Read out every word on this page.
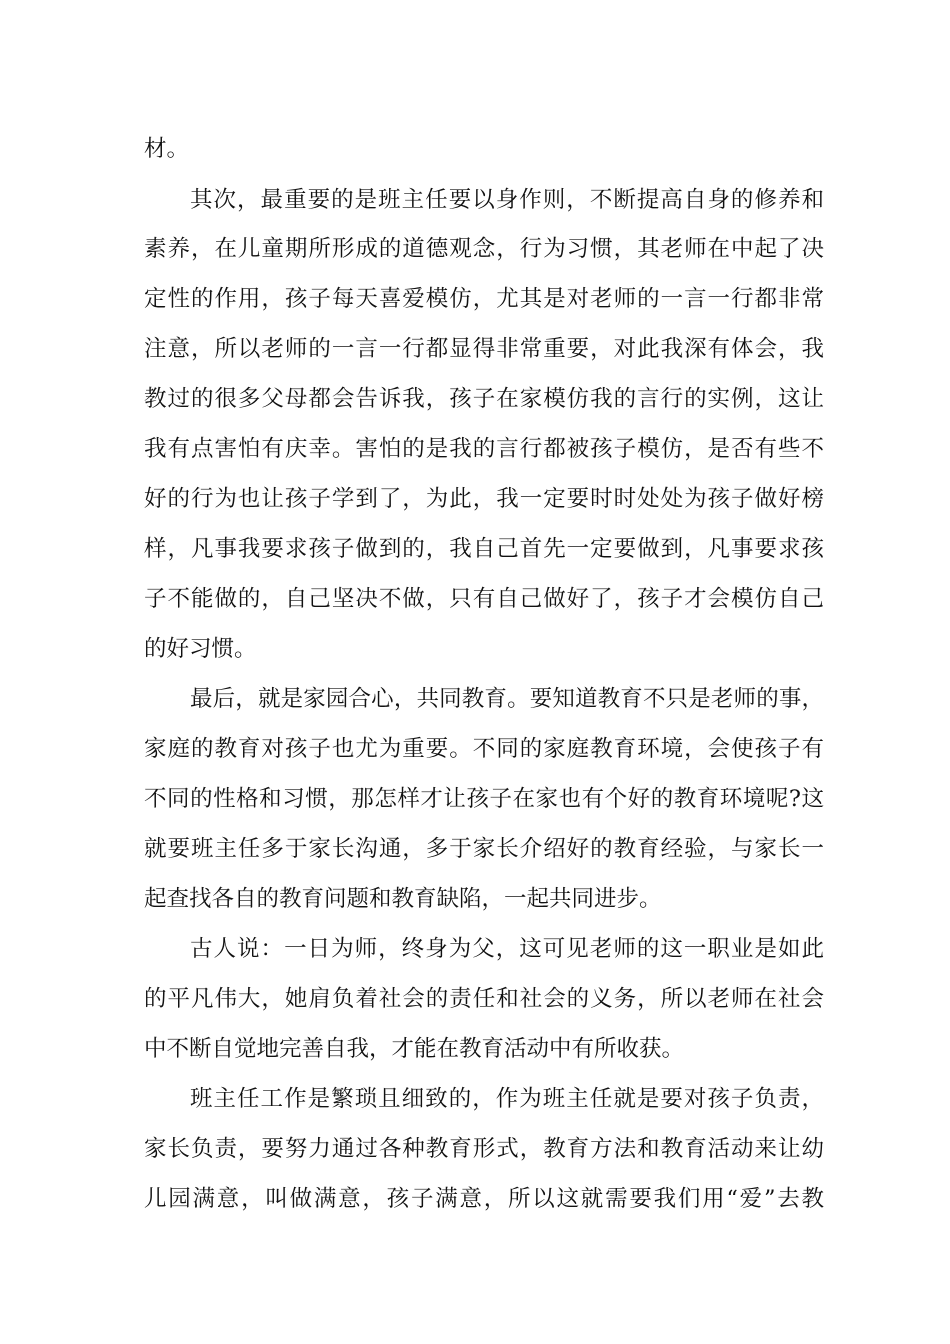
材。
其次，最重要的是班主任要以身作则，不断提高自身的修养和
素养，在儿童期所形成的道德观念，行为习惯，其老师在中起了决
定性的作用，孩子每天喜爱模仿，尤其是对老师的一言一行都非常
注意，所以老师的一言一行都显得非常重要，对此我深有体会，我
教过的很多父母都会告诉我，孩子在家模仿我的言行的实例，这让
我有点害怕有庆幸。害怕的是我的言行都被孩子模仿，是否有些不
好的行为也让孩子学到了，为此，我一定要时时处处为孩子做好榜
样，凡事我要求孩子做到的，我自己首先一定要做到，凡事要求孩
子不能做的，自己坚决不做，只有自己做好了，孩子才会模仿自己
的好习惯。
最后，就是家园合心，共同教育。要知道教育不只是老师的事，
家庭的教育对孩子也尤为重要。不同的家庭教育环境，会使孩子有
不同的性格和习惯，那怎样才让孩子在家也有个好的教育环境呢?这
就要班主任多于家长沟通，多于家长介绍好的教育经验，与家长一
起查找各自的教育问题和教育缺陷，一起共同进步。
古人说：一日为师，终身为父，这可见老师的这一职业是如此
的平凡伟大，她肩负着社会的责任和社会的义务，所以老师在社会
中不断自觉地完善自我，才能在教育活动中有所收获。
班主任工作是繁琐且细致的，作为班主任就是要对孩子负责，
家长负责，要努力通过各种教育形式，教育方法和教育活动来让幼
儿园满意，叫做满意，孩子满意，所以这就需要我们用“爱”去教
